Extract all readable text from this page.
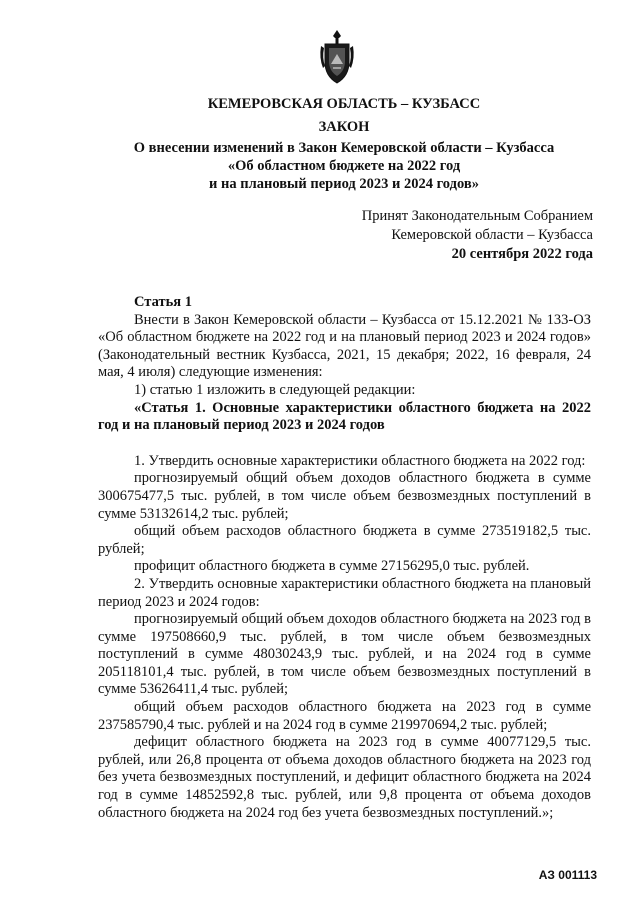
КЕМЕРОВСКАЯ ОБЛАСТЬ – КУЗБАСС
ЗАКОН
О внесении изменений в Закон Кемеровской области – Кузбасса
«Об областном бюджете на 2022 год
и на плановый период 2023 и 2024 годов»
Принят Законодательным Собранием
Кемеровской области – Кузбасса
20 сентября 2022 года

Статья 1

Внести в Закон Кемеровской области – Кузбасса от 15.12.2021 № 133-ОЗ «Об областном бюджете на 2022 год и на плановый период 2023 и 2024 годов» (Законодательный вестник Кузбасса, 2021, 15 декабря; 2022, 16 февраля, 24 мая, 4 июля) следующие изменения:

1) статью 1 изложить в следующей редакции:

«Статья 1. Основные характеристики областного бюджета на 2022 год и на плановый период 2023 и 2024 годов

1. Утвердить основные характеристики областного бюджета на 2022 год:

прогнозируемый общий объем доходов областного бюджета в сумме 300675477,5 тыс. рублей, в том числе объем безвозмездных поступлений в сумме 53132614,2 тыс. рублей;

общий объем расходов областного бюджета в сумме 273519182,5 тыс. рублей;

профицит областного бюджета в сумме 27156295,0 тыс. рублей.

2. Утвердить основные характеристики областного бюджета на плановый период 2023 и 2024 годов:

прогнозируемый общий объем доходов областного бюджета на 2023 год в сумме 197508660,9 тыс. рублей, в том числе объем безвозмездных поступлений в сумме 48030243,9 тыс. рублей, и на 2024 год в сумме 205118101,4 тыс. рублей, в том числе объем безвозмездных поступлений в сумме 53626411,4 тыс. рублей;

общий объем расходов областного бюджета на 2023 год в сумме 237585790,4 тыс. рублей и на 2024 год в сумме 219970694,2 тыс. рублей;

дефицит областного бюджета на 2023 год в сумме 40077129,5 тыс. рублей, или 26,8 процента от объема доходов областного бюджета на 2023 год без учета безвозмездных поступлений, и дефицит областного бюджета на 2024 год в сумме 14852592,8 тыс. рублей, или 9,8 процента от объема доходов областного бюджета на 2024 год без учета безвозмездных поступлений.»;

АЗ 001113
